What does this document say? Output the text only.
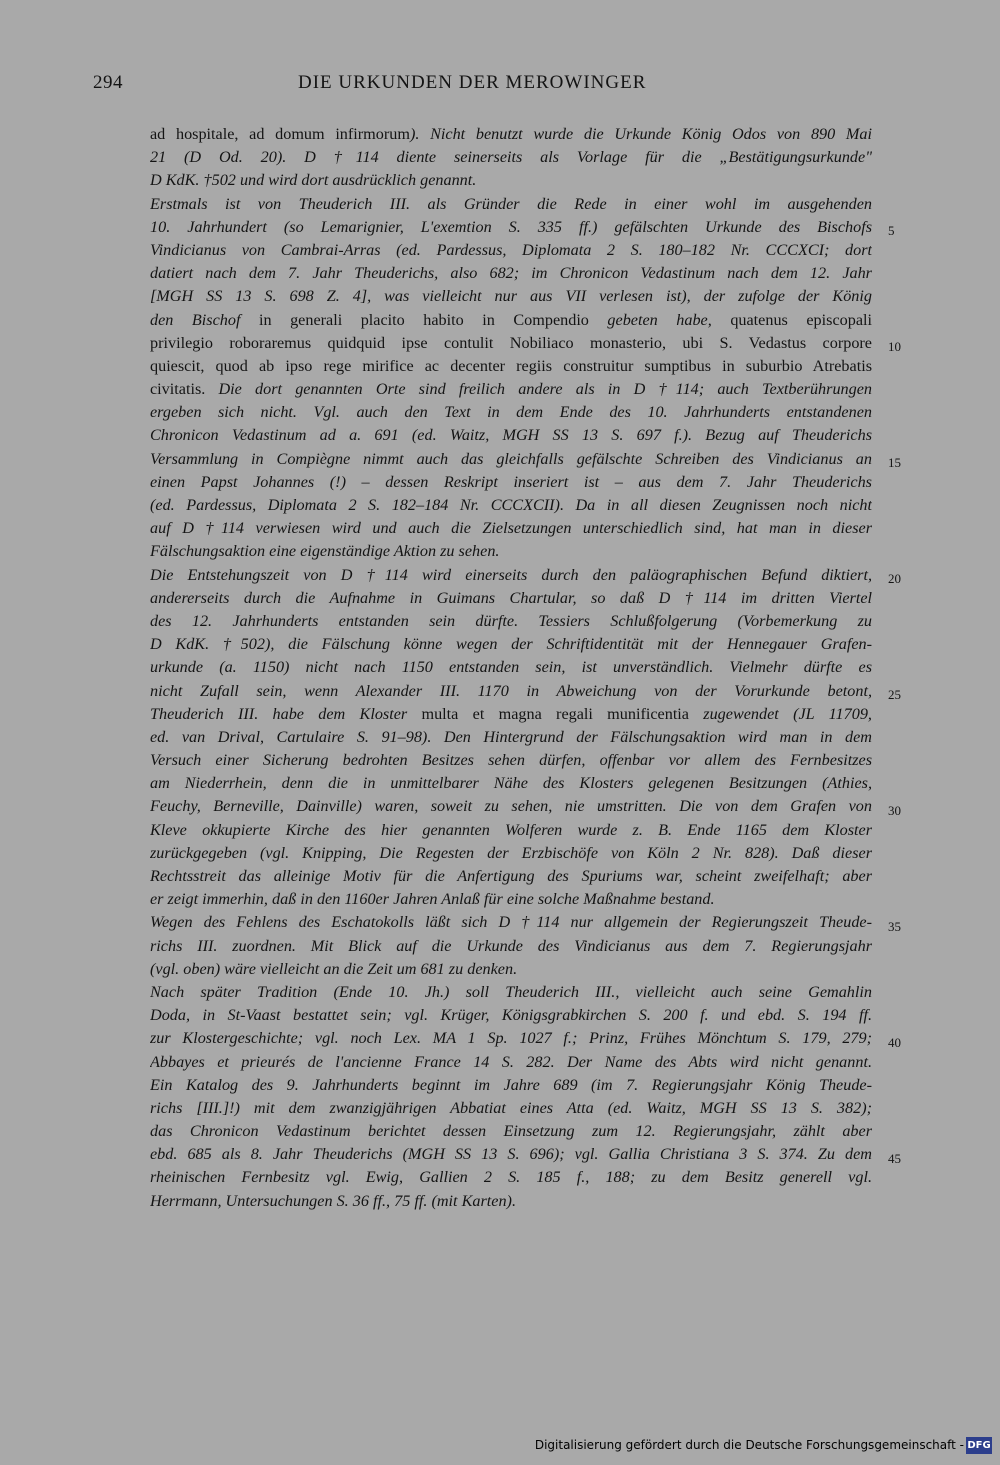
294	DIE URKUNDEN DER MEROWINGER
ad hospitale, ad domum infirmorum). Nicht benutzt wurde die Urkunde König Odos von 890 Mai
21 (D Od. 20). D †114 diente seinerseits als Vorlage für die „Bestätigungsurkunde"
D KdK. †502 und wird dort ausdrücklich genannt.
Erstmals ist von Theuderich III. als Gründer die Rede in einer wohl im ausgehenden
10. Jahrhundert (so Lemarignier, L'exemtion S. 335 ff.) gefälschten Urkunde des Bischofs
Vindicianus von Cambrai-Arras (ed. Pardessus, Diplomata 2 S. 180–182 Nr. CCCXCI; dort
datiert nach dem 7. Jahr Theuderichs, also 682; im Chronicon Vedastinum nach dem 12. Jahr
[MGH SS 13 S. 698 Z. 4], was vielleicht nur aus VII verlesen ist), der zufolge der König
den Bischof in generali placito habito in Compendio gebeten habe, quatenus episcopali
privilegio roboraremus quidquid ipse contulit Nobiliaco monasterio, ubi S. Vedastus corpore
quiescit, quod ab ipso rege mirifice ac decenter regiis construitur sumptibus in suburbio Atrebatis
civitatis. Die dort genannten Orte sind freilich andere als in D †114; auch Textberührungen
ergeben sich nicht. Vgl. auch den Text in dem Ende des 10. Jahrhunderts entstandenen
Chronicon Vedastinum ad a. 691 (ed. Waitz, MGH SS 13 S. 697 f.). Bezug auf Theuderichs
Versammlung in Compiègne nimmt auch das gleichfalls gefälschte Schreiben des Vindicianus an
einen Papst Johannes (!) – dessen Reskript inseriert ist – aus dem 7. Jahr Theuderichs
(ed. Pardessus, Diplomata 2 S. 182–184 Nr. CCCXCII). Da in all diesen Zeugnissen noch nicht
auf D †114 verwiesen wird und auch die Zielsetzungen unterschiedlich sind, hat man in dieser
Fälschungsaktion eine eigenständige Aktion zu sehen.
Die Entstehungszeit von D †114 wird einerseits durch den paläographischen Befund diktiert,
andererseits durch die Aufnahme in Guimans Chartular, so daß D †114 im dritten Viertel
des 12. Jahrhunderts entstanden sein dürfte. Tessiers Schlußfolgerung (Vorbemerkung zu
D KdK. †502), die Fälschung könne wegen der Schriftidentität mit der Hennegauer Grafen-
urkunde (a. 1150) nicht nach 1150 entstanden sein, ist unverständlich. Vielmehr dürfte es
nicht Zufall sein, wenn Alexander III. 1170 in Abweichung von der Vorurkunde betont,
Theuderich III. habe dem Kloster multa et magna regali munificentia zugewendet (JL 11709,
ed. van Drival, Cartulaire S. 91–98). Den Hintergrund der Fälschungsaktion wird man in dem
Versuch einer Sicherung bedrohten Besitzes sehen dürfen, offenbar vor allem des Fernbesitzes
am Niederrhein, denn die in unmittelbarer Nähe des Klosters gelegenen Besitzungen (Athies,
Feuchy, Berneville, Dainville) waren, soweit zu sehen, nie umstritten. Die von dem Grafen von
Kleve okkupierte Kirche des hier genannten Wolferen wurde z. B. Ende 1165 dem Kloster
zurückgegeben (vgl. Knipping, Die Regesten der Erzbischöfe von Köln 2 Nr. 828). Daß dieser
Rechtsstreit das alleinige Motiv für die Anfertigung des Spuriums war, scheint zweifelhaft; aber
er zeigt immerhin, daß in den 1160er Jahren Anlaß für eine solche Maßnahme bestand.
Wegen des Fehlens des Eschatokolls läßt sich D †114 nur allgemein der Regierungszeit Theude-
richs III. zuordnen. Mit Blick auf die Urkunde des Vindicianus aus dem 7. Regierungsjahr
(vgl. oben) wäre vielleicht an die Zeit um 681 zu denken.
Nach später Tradition (Ende 10. Jh.) soll Theuderich III., vielleicht auch seine Gemahlin
Doda, in St-Vaast bestattet sein; vgl. Krüger, Königsgrabkirchen S. 200 f. und ebd. S. 194 ff.
zur Klostergeschichte; vgl. noch Lex. MA 1 Sp. 1027 f.; Prinz, Frühes Mönchtum S. 179, 279;
Abbayes et prieurés de l'ancienne France 14 S. 282. Der Name des Abts wird nicht genannt.
Ein Katalog des 9. Jahrhunderts beginnt im Jahre 689 (im 7. Regierungsjahr König Theude-
richs [III.]!) mit dem zwanzigjährigen Abbatiat eines Atta (ed. Waitz, MGH SS 13 S. 382);
das Chronicon Vedastinum berichtet dessen Einsetzung zum 12. Regierungsjahr, zählt aber
ebd. 685 als 8. Jahr Theuderichs (MGH SS 13 S. 696); vgl. Gallia Christiana 3 S. 374. Zu dem
rheinischen Fernbesitz vgl. Ewig, Gallien 2 S. 185 f., 188; zu dem Besitz generell vgl.
Herrmann, Untersuchungen S. 36 ff., 75 ff. (mit Karten).
5
10
15
20
25
30
35
40
45
Digitalisierung gefördert durch die Deutsche Forschungsgemeinschaft - DFG
